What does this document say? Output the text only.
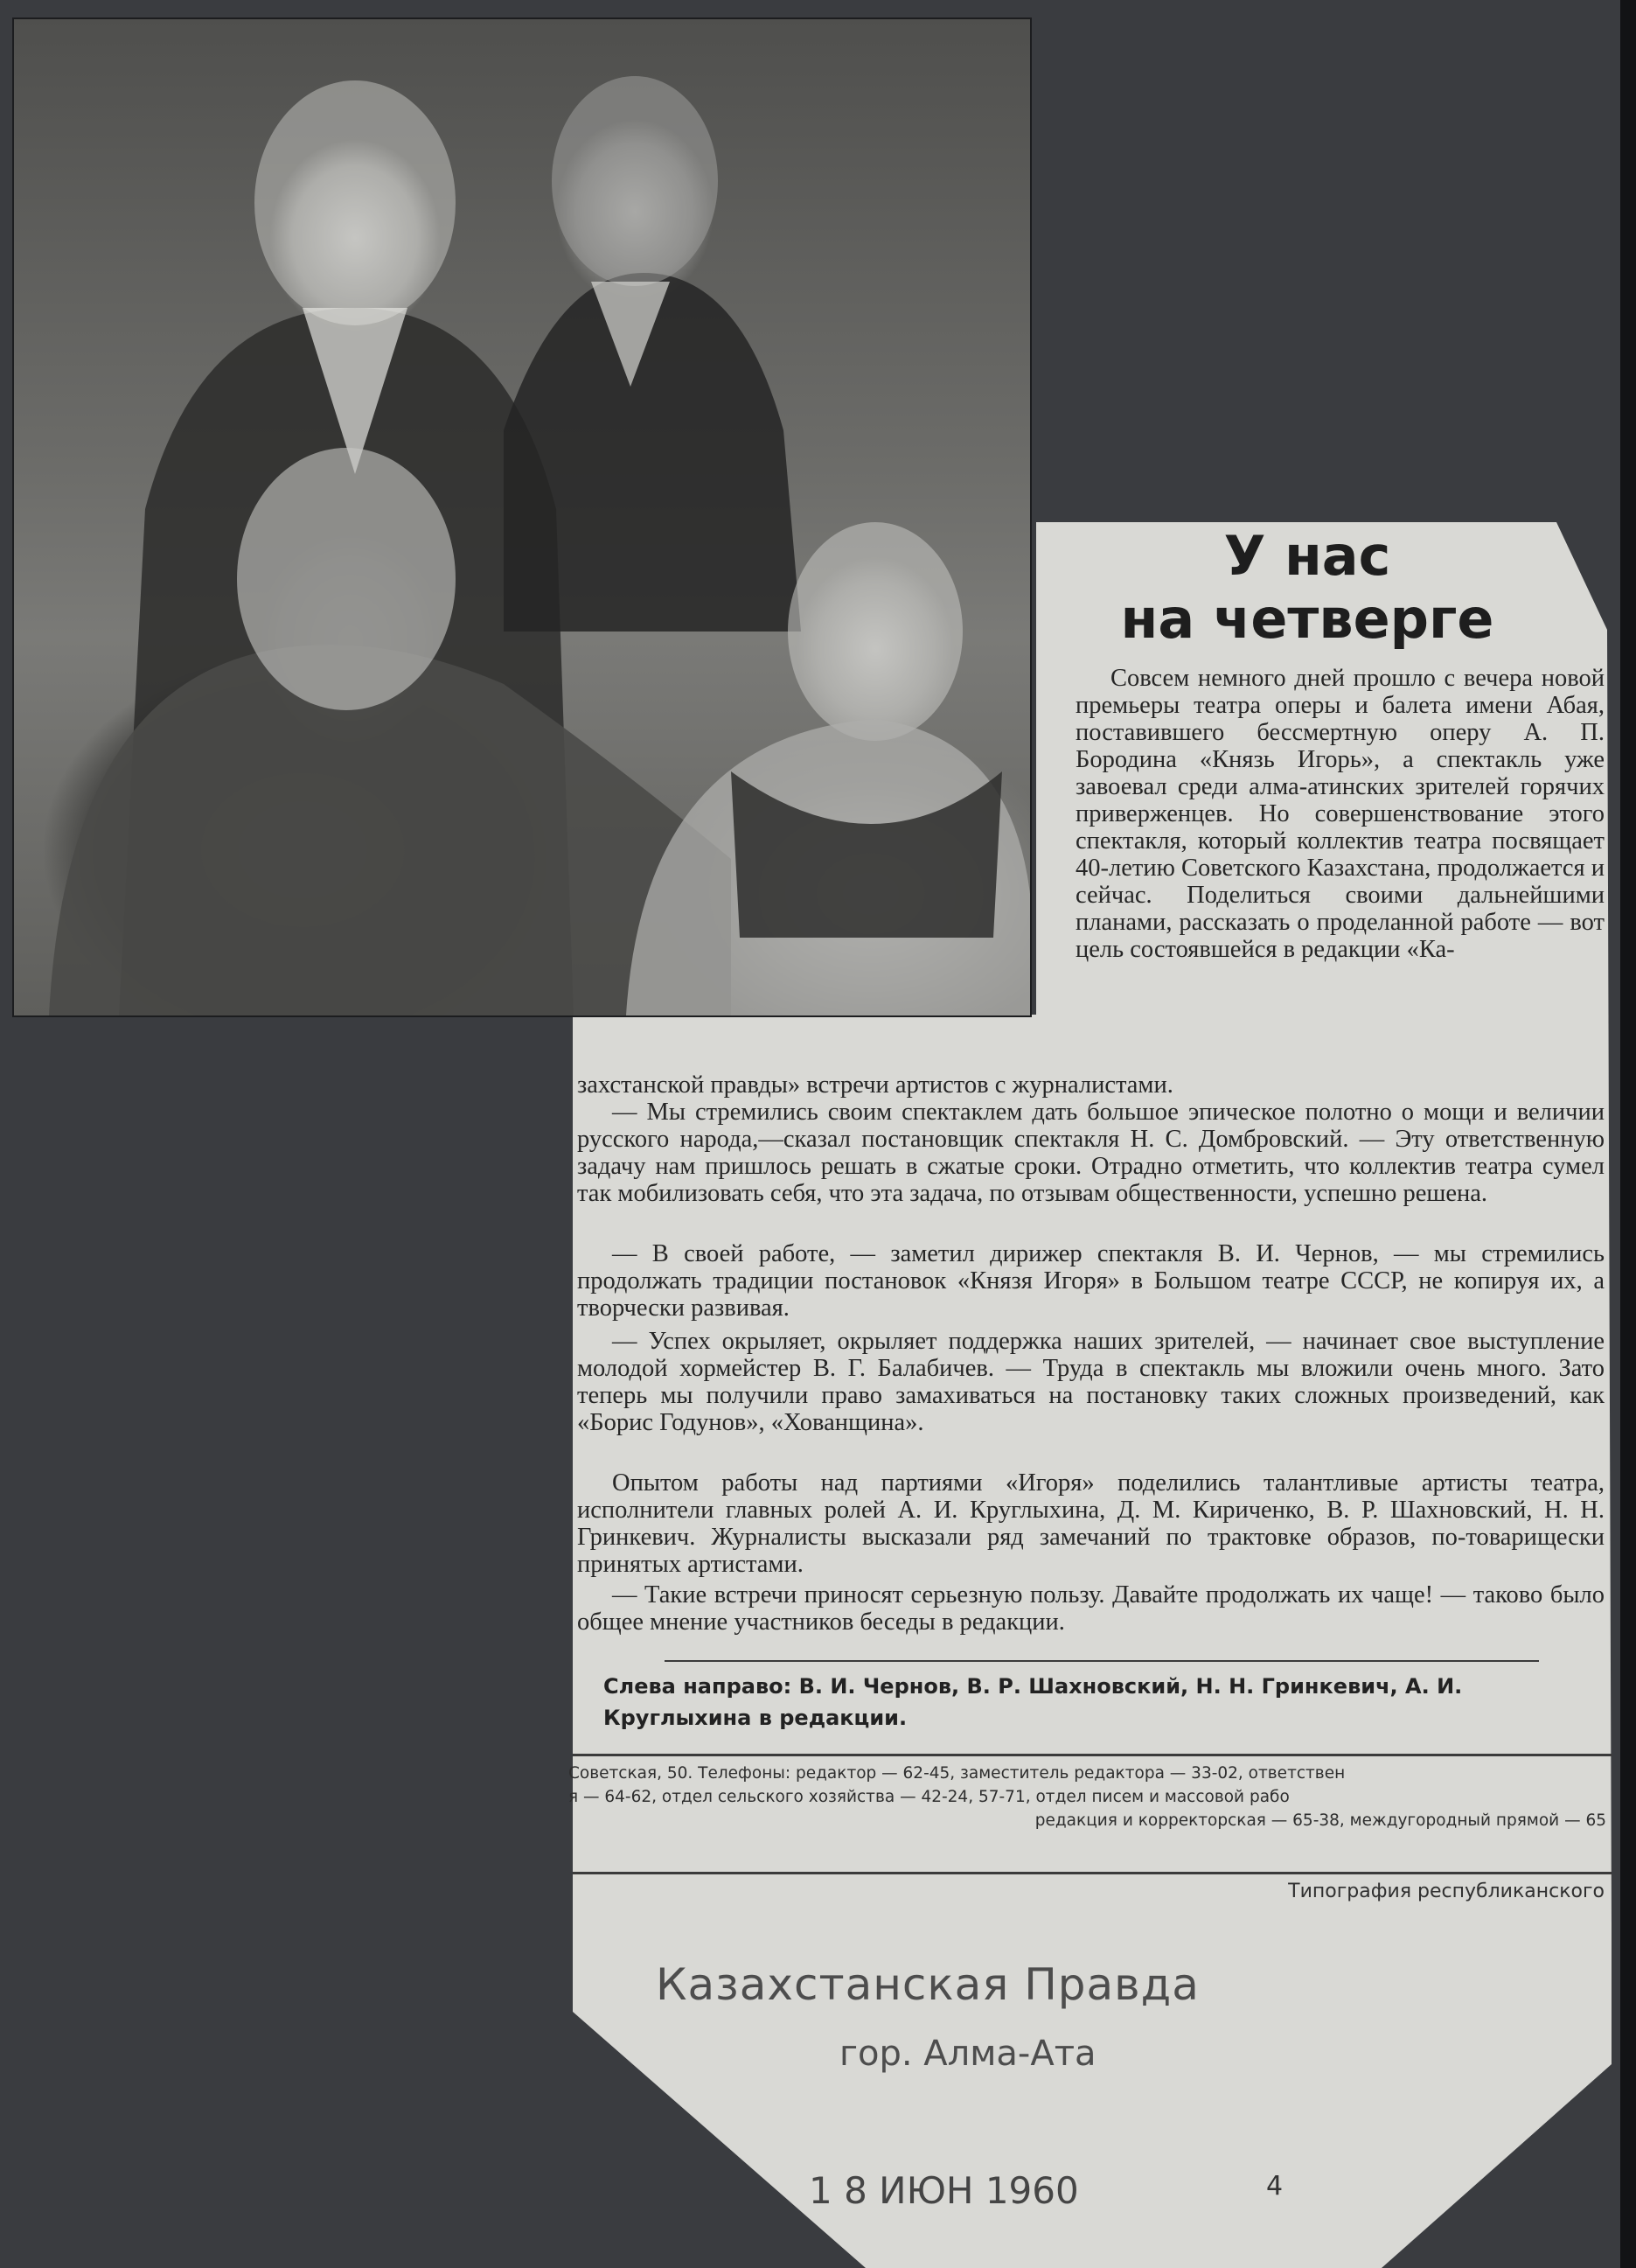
У нас
на четверге

Совсем немного дней прошло с вечера новой премьеры театра оперы и балета имени Абая, поставившего бессмертную оперу А. П. Бородина «Князь Игорь», а спектакль уже завоевал среди алма-атинских зрителей горячих приверженцев. Но совершенствование этого спектакля, который коллектив театра посвящает 40-летию Советского Казахстана, продолжается и сейчас. Поделиться своими дальнейшими планами, рассказать о проделанной работе — вот цель состоявшейся в редакции «Ка-

захстанской правды» встречи артистов с журналистами.

— Мы стремились своим спектаклем дать большое эпическое полотно о мощи и величии русского народа,—сказал постановщик спектакля Н. С. Домбровский. — Эту ответственную задачу нам пришлось решать в сжатые сроки. Отрадно отметить, что коллектив театра сумел так мобилизовать себя, что эта задача, по отзывам общественности, успешно решена.

— В своей работе, — заметил дирижер спектакля В. И. Чернов, — мы стремились продолжать традиции постановок «Князя Игоря» в Большом театре СССР, не копируя их, а творчески развивая.

— Успех окрыляет, окрыляет поддержка наших зрителей, — начинает свое выступление молодой хормейстер В. Г. Балабичев. — Труда в спектакль мы вложили очень много. Зато теперь мы получили право замахиваться на постановку таких сложных произведений, как «Борис Годунов», «Хованщина».

Опытом работы над партиями «Игоря» поделились талантливые артисты театра, исполнители главных ролей А. И. Круглыхина, Д. М. Кириченко, В. Р. Шахновский, Н. Н. Гринкевич. Журналисты высказали ряд замечаний по трактовке образов, по-товарищески принятых артистами.

— Такие встречи приносят серьезную пользу. Давайте продолжать их чаще! — таково было общее мнение участников беседы в редакции.

Слева направо: В. И. Чернов, В. Р. Шахновский, Н. Н. Гринкевич, А. И. Круглыхина в редакции.

Советская, 50. Телефоны: редактор — 62-45, заместитель редактора — 33-02, ответствен
я — 64-62, отдел сельского хозяйства — 42-24, 57-71, отдел писем и массовой рабо
редакция и корректорская — 65-38, междугородный прямой — 65

Типография республиканского

Казахстанская Правда

гор. Алма-Ата

1 8 ИЮН 1960	4
